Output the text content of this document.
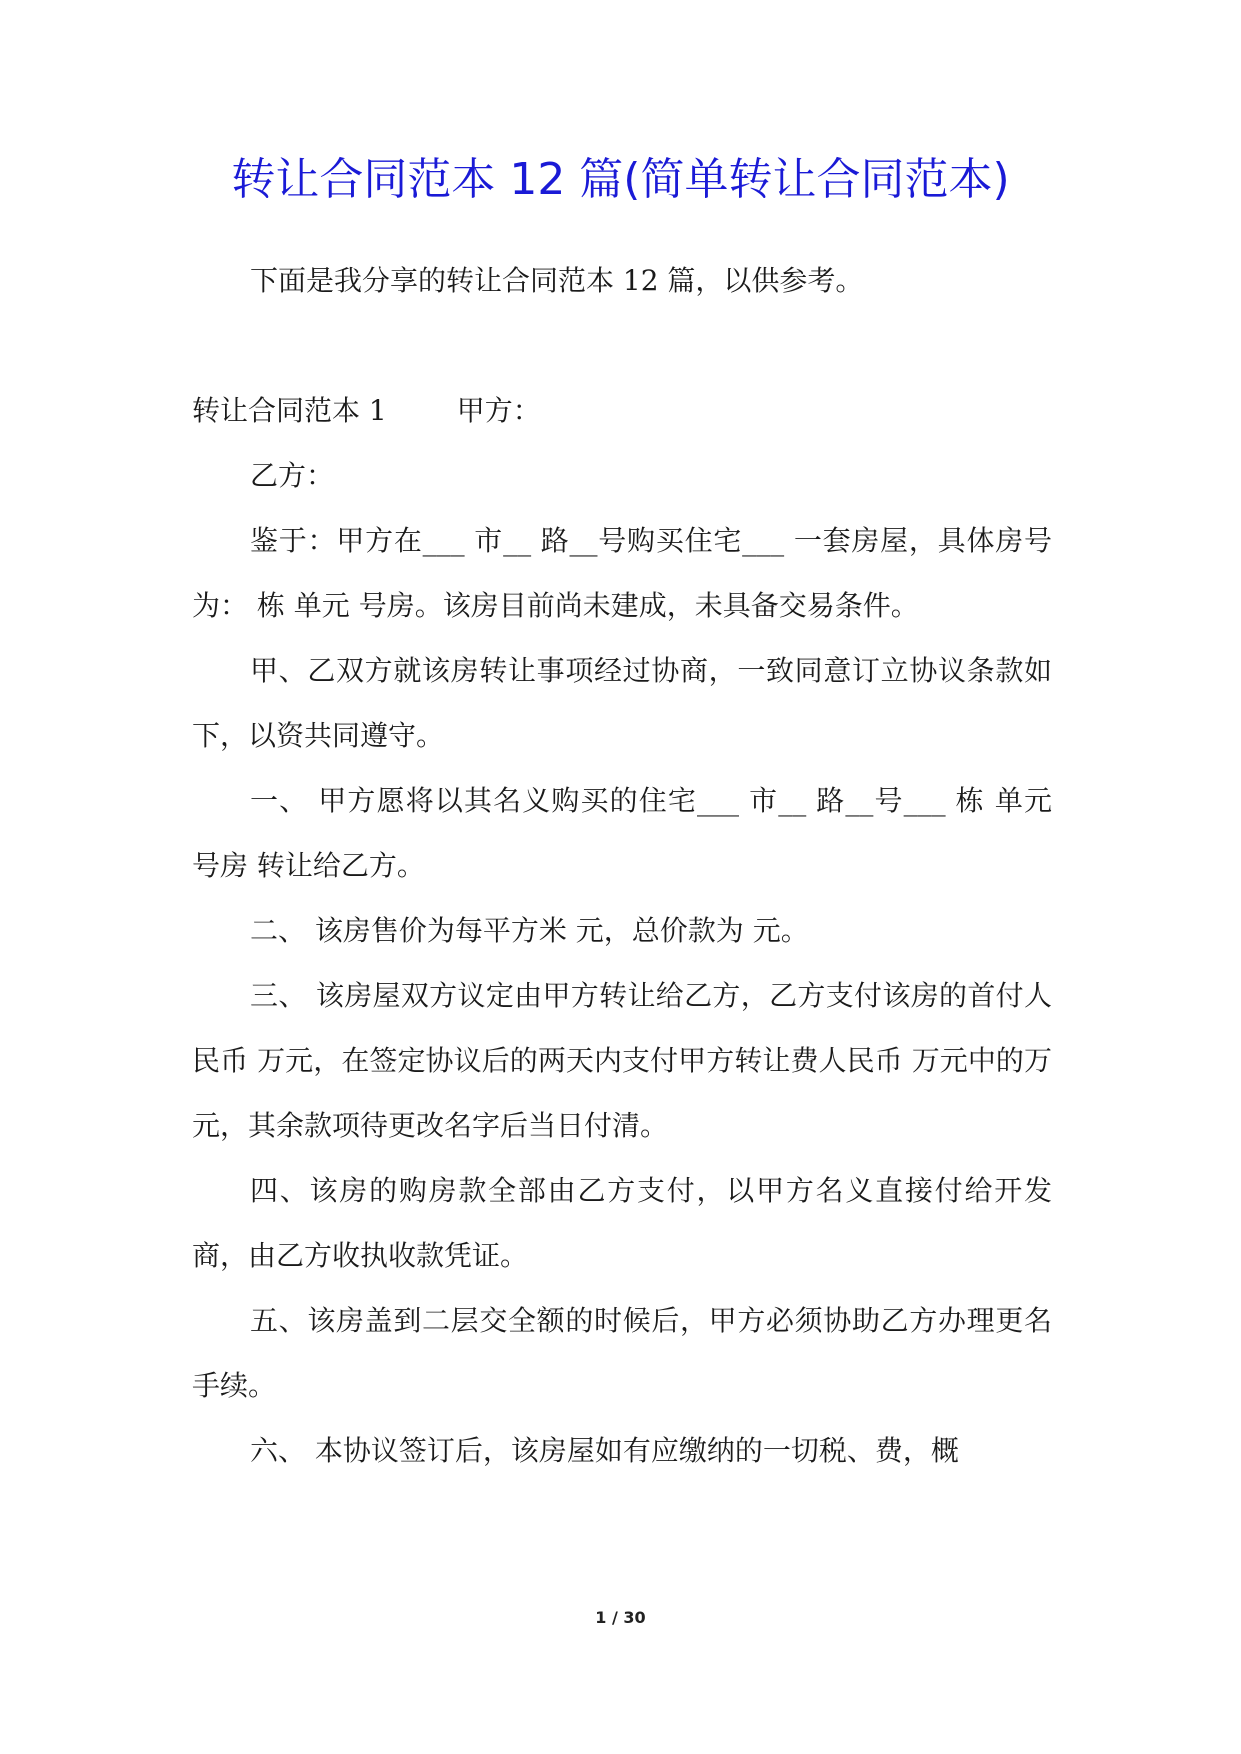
转让合同范本 12 篇(简单转让合同范本)

下面是我分享的转让合同范本 12 篇，以供参考。

转让合同范本 1	甲方：

乙方：

鉴于：甲方在___ 市__ 路__号购买住宅___ 一套房屋，具体房号为： 栋 单元 号房。该房目前尚未建成，未具备交易条件。

甲、乙双方就该房转让事项经过协商，一致同意订立协议条款如下，以资共同遵守。

一、 甲方愿将以其名义购买的住宅___ 市__ 路__号___ 栋 单元 号房 转让给乙方。

二、 该房售价为每平方米 元，总价款为 元。

三、 该房屋双方议定由甲方转让给乙方，乙方支付该房的首付人民币 万元，在签定协议后的两天内支付甲方转让费人民币 万元中的万元，其余款项待更改名字后当日付清。

四、该房的购房款全部由乙方支付，以甲方名义直接付给开发商，由乙方收执收款凭证。

五、该房盖到二层交全额的时候后，甲方必须协助乙方办理更名手续。

六、 本协议签订后，该房屋如有应缴纳的一切税、费，概

1 / 30
